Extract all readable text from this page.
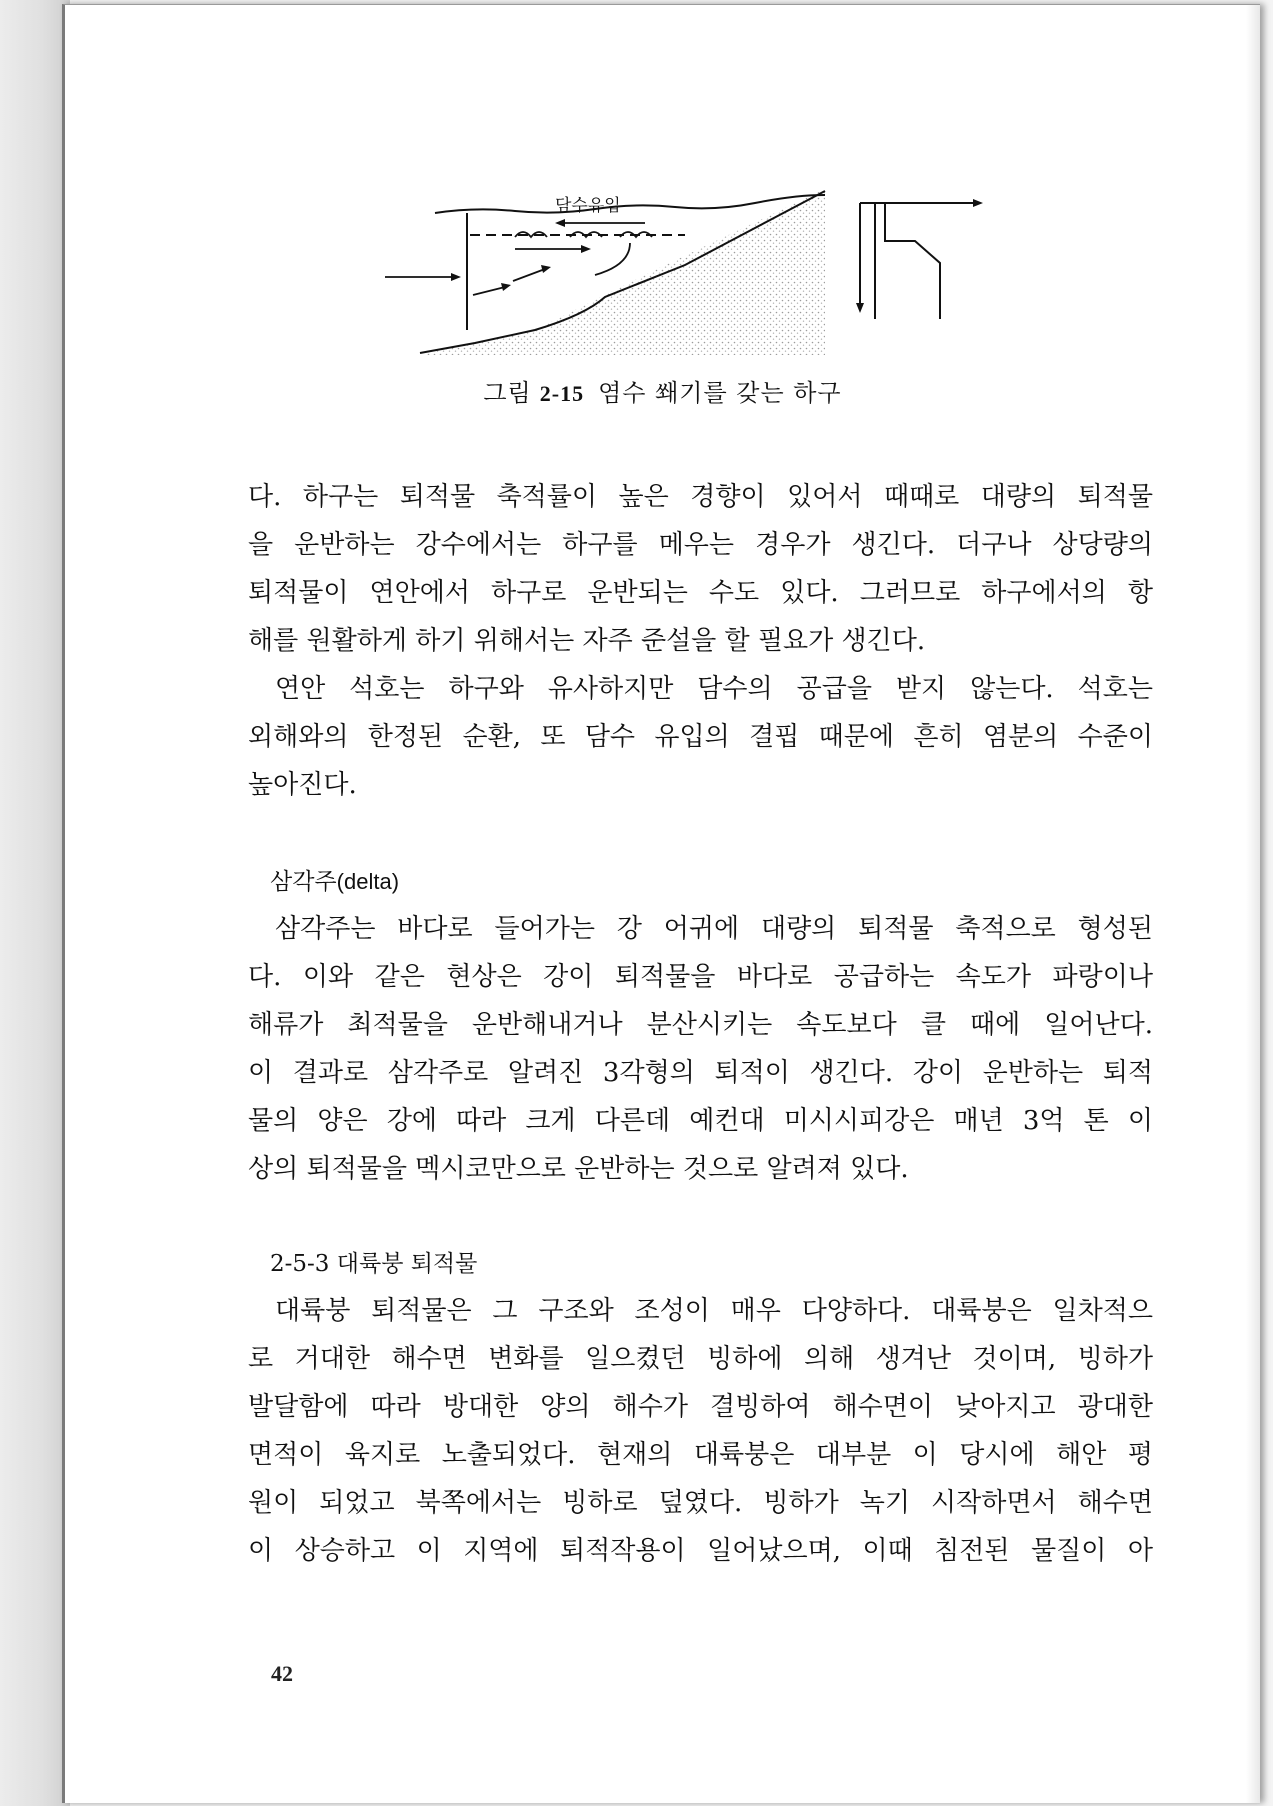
담수유입
그림 2-15 염수 쐐기를 갖는 하구
다. 하구는 퇴적물 축적률이 높은 경향이 있어서 때때로 대량의 퇴적물
을 운반하는 강수에서는 하구를 메우는 경우가 생긴다. 더구나 상당량의
퇴적물이 연안에서 하구로 운반되는 수도 있다. 그러므로 하구에서의 항
해를 원활하게 하기 위해서는 자주 준설을 할 필요가 생긴다.
연안 석호는 하구와 유사하지만 담수의 공급을 받지 않는다. 석호는
외해와의 한정된 순환, 또 담수 유입의 결핍 때문에 흔히 염분의 수준이
높아진다.
삼각주(delta)
삼각주는 바다로 들어가는 강 어귀에 대량의 퇴적물 축적으로 형성된
다. 이와 같은 현상은 강이 퇴적물을 바다로 공급하는 속도가 파랑이나
해류가 최적물을 운반해내거나 분산시키는 속도보다 클 때에 일어난다.
이 결과로 삼각주로 알려진 3각형의 퇴적이 생긴다. 강이 운반하는 퇴적
물의 양은 강에 따라 크게 다른데 예컨대 미시시피강은 매년 3억 톤 이
상의 퇴적물을 멕시코만으로 운반하는 것으로 알려져 있다.
2-5-3 대륙붕 퇴적물
대륙붕 퇴적물은 그 구조와 조성이 매우 다양하다. 대륙붕은 일차적으
로 거대한 해수면 변화를 일으켰던 빙하에 의해 생겨난 것이며, 빙하가
발달함에 따라 방대한 양의 해수가 결빙하여 해수면이 낮아지고 광대한
면적이 육지로 노출되었다. 현재의 대륙붕은 대부분 이 당시에 해안 평
원이 되었고 북쪽에서는 빙하로 덮였다. 빙하가 녹기 시작하면서 해수면
이 상승하고 이 지역에 퇴적작용이 일어났으며, 이때 침전된 물질이 아
42
